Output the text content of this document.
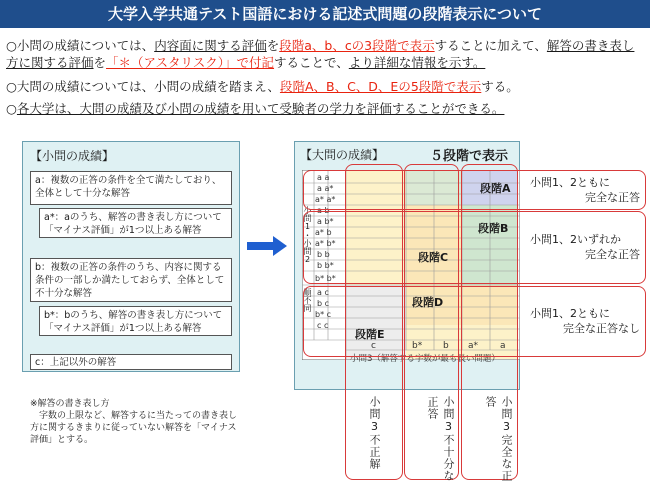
大学入学共通テスト国語における記述式問題の段階表示について
○小問の成績については、内容面に関する評価を段階a、b、cの3段階で表示することに加えて、解答の書き表し方に関する評価を「＊（アスタリスク）」で付記することで、より詳細な情報を示す。
○大問の成績については、小問の成績を踏まえ、段階A、B、C、D、Eの5段階で表示する。
○各大学は、大問の成績及び小問の成績を用いて受験者の学力を評価することができる。
【小問の成績】
a：複数の正答の条件を全て満たしており、全体として十分な解答
a*：aのうち、解答の書き表し方について「マイナス評価」が1つ以上ある解答
b：複数の正答の条件のうち、内容に関する条件の一部しか満たしておらず、全体として不十分な解答
b*：bのうち、解答の書き表し方について「マイナス評価」が1つ以上ある解答
c：上記以外の解答
※解答の書き表し方
字数の上限など、解答するに当たっての書き表し方に関するきまりに従っていない解答を「マイナス評価」とする。
【大問の成績】	５段階で表示
a a
a a*
a* a*
a b
a b*
a* b
a* b*
b b
b b*
b* b*
a c
b c
b* c
c c
小問1・小問2
順不同
c	b* b a* a
小問3（解答する字数が最も長い問題）
段階A
段階B
段階C
段階D
段階E
小問1、2ともに
完全な正答
小問1、2いずれか
完全な正答
小問1、2ともに
完全な正答なし
小問3不正解	小問3不十分な正答	小問3完全な正答
